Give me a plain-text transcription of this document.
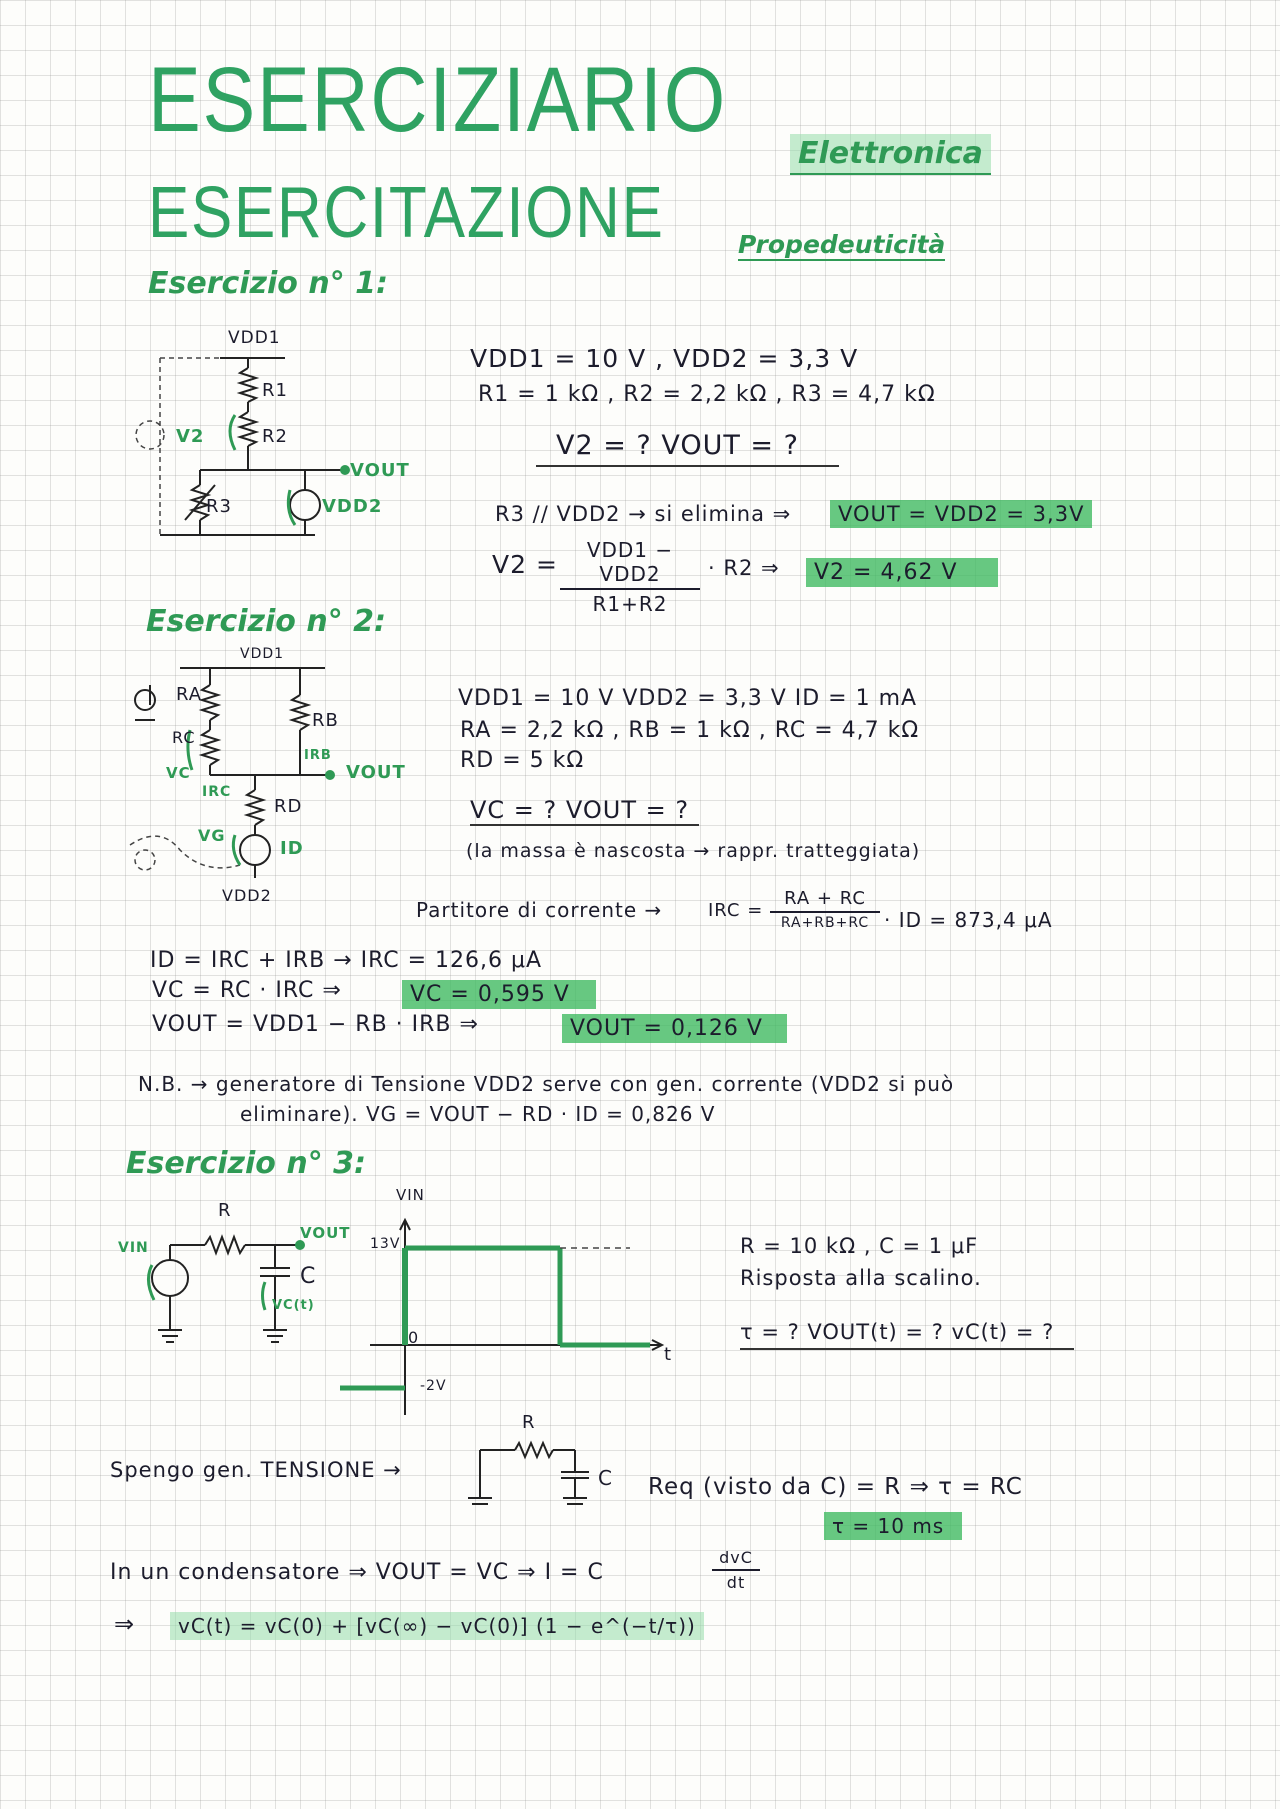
ESERCIZIARIO
ESERCITAZIONE
Elettronica
Propedeuticità
Esercizio n° 1:
VDD1
R1
R2
V2
VOUT
R3	VDD2
VDD1 = 10 V , VDD2 = 3,3 V
R1 = 1 kΩ , R2 = 2,2 kΩ , R3 = 4,7 kΩ
V2 = ? VOUT = ?
R3 // VDD2 → si elimina ⇒	VOUT = VDD2 = 3,3V
V2 =	VDD1 − VDD2
R1+R2
· R2 ⇒	V2 = 4,62 V
Esercizio n° 2:
VDD1
RA
RB
RC
IRB
VC	VOUT
IRC
RD
VG
ID
VDD2
VDD1 = 10 V VDD2 = 3,3 V ID = 1 mA
RA = 2,2 kΩ , RB = 1 kΩ , RC = 4,7 kΩ
RD = 5 kΩ
VC = ? VOUT = ?
(la massa è nascosta → rappr. tratteggiata)
Partitore di corrente →	IRC =
RA + RC
RA+RB+RC · ID = 873,4 μA
ID = IRC + IRB → IRC = 126,6 μA
VC = RC · IRC ⇒	VC = 0,595 V
VOUT = VDD1 − RB · IRB ⇒	VOUT = 0,126 V
N.B. → generatore di Tensione VDD2 serve con gen. corrente (VDD2 si può
eliminare). VG = VOUT − RD · ID = 0,826 V
Esercizio n° 3:
R
VOUT
VIN
C
VC(t)
VIN
13V
0
t
-2V
R = 10 kΩ , C = 1 μF
Risposta alla scalino.
τ = ? VOUT(t) = ? vC(t) = ?
Spengo gen. TENSIONE →
R
C Req (visto da C) = R ⇒ τ = RC
τ = 10 ms
In un condensatore ⇒ VOUT = VC ⇒ I = C
dvC
dt
⇒	vC(t) = vC(0) + [vC(∞) − vC(0)] (1 − e^(−t/τ))
